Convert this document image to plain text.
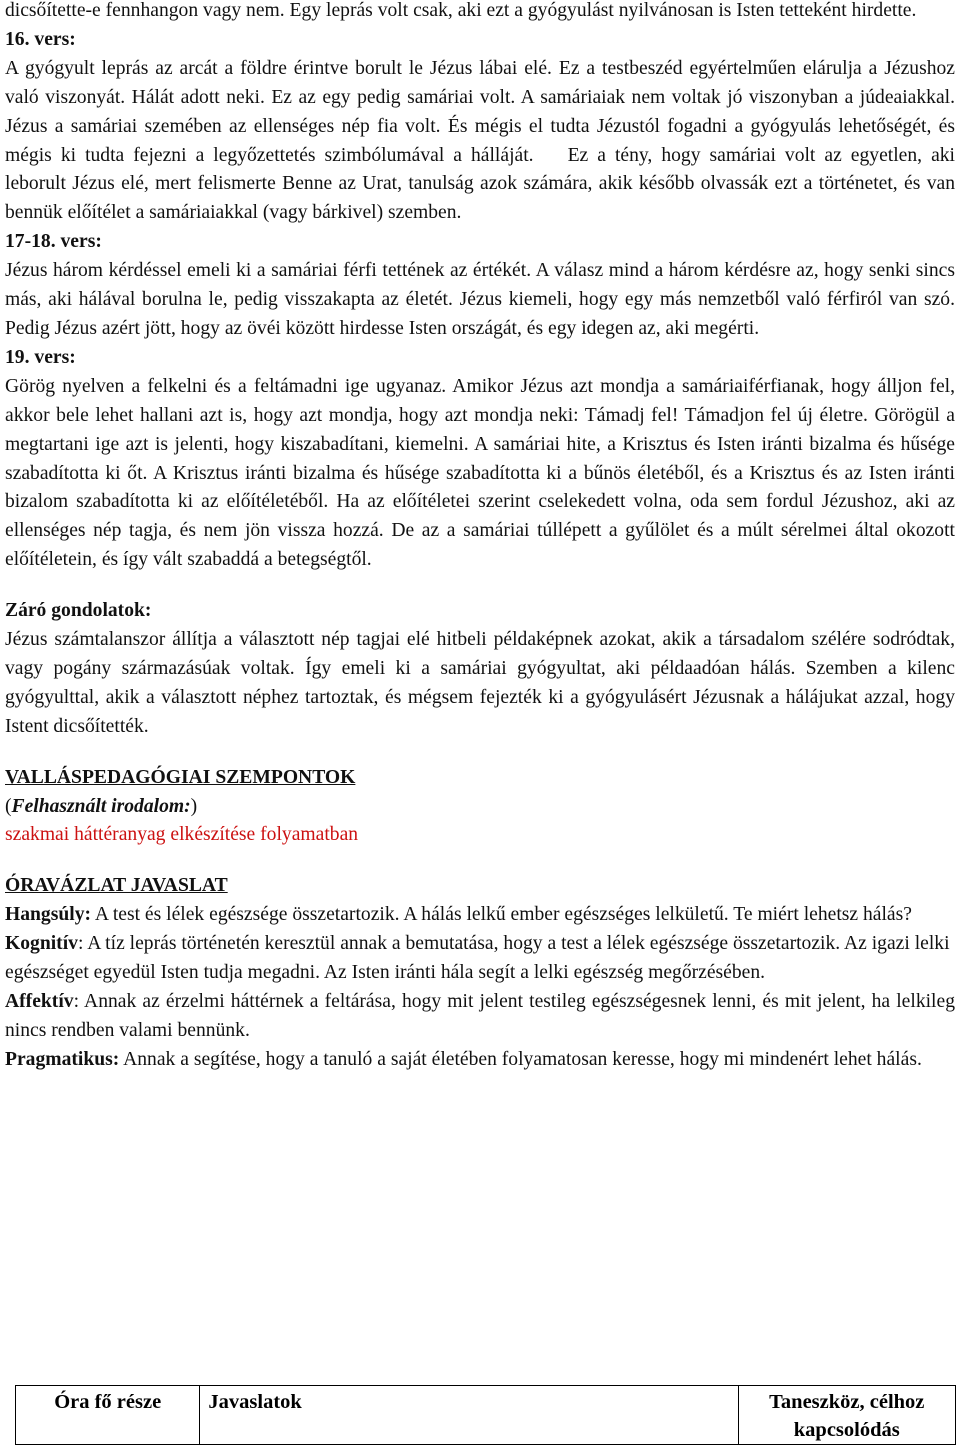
dicsőítette-e fennhangon vagy nem. Egy leprás volt csak, aki ezt a gyógyulást nyilvánosan is Isten tetteként hirdette.

16. vers:

A gyógyult leprás az arcát a földre érintve borult le Jézus lábai elé. Ez a testbeszéd egyértelműen elárulja a Jézushoz való viszonyát. Hálát adott neki. Ez az egy pedig samáriai volt. A samáriaiak nem voltak jó viszonyban a júdeaiakkal. Jézus a samáriai szemében az ellenséges nép fia volt. És mégis el tudta Jézustól fogadni a gyógyulás lehetőségét, és mégis ki tudta fejezni a legyőzettetés szimbólumával a hálláját. Ez a tény, hogy samáriai volt az egyetlen, aki leborult Jézus elé, mert felismerte Benne az Urat, tanulság azok számára, akik később olvassák ezt a történetet, és van bennük előítélet a samáriaiakkal (vagy bárkivel) szemben.

17-18. vers:

Jézus három kérdéssel emeli ki a samáriai férfi tettének az értékét. A válasz mind a három kérdésre az, hogy senki sincs más, aki hálával borulna le, pedig visszakapta az életét. Jézus kiemeli, hogy egy más nemzetből való férfiról van szó. Pedig Jézus azért jött, hogy az övéi között hirdesse Isten országát, és egy idegen az, aki megérti.

19. vers:

Görög nyelven a felkelni és a feltámadni ige ugyanaz. Amikor Jézus azt mondja a samáriaiférfianak, hogy álljon fel, akkor bele lehet hallani azt is, hogy azt mondja, hogy azt mondja neki: Támadj fel! Támadjon fel új életre. Görögül a megtartani ige azt is jelenti, hogy kiszabadítani, kiemelni. A samáriai hite, a Krisztus és Isten iránti bizalma és hűsége szabadította ki őt. A Krisztus iránti bizalma és hűsége szabadította ki a bűnös életéből, és a Krisztus és az Isten iránti bizalom szabadította ki az előítéletéből. Ha az előítéletei szerint cselekedett volna, oda sem fordul Jézushoz, aki az ellenséges nép tagja, és nem jön vissza hozzá. De az a samáriai túllépett a gyűlölet és a múlt sérelmei által okozott előítéletein, és így vált szabaddá a betegségtől.

Záró gondolatok:

Jézus számtalanszor állítja a választott nép tagjai elé hitbeli példaképnek azokat, akik a társadalom szélére sodródtak, vagy pogány származásúak voltak. Így emeli ki a samáriai gyógyultat, aki példaadóan hálás. Szemben a kilenc gyógyulttal, akik a választott néphez tartoztak, és mégsem fejezték ki a gyógyulásért Jézusnak a hálájukat azzal, hogy Istent dicsőítették.

VALLÁSPEDAGÓGIAI SZEMPONTOK

(Felhasznált irodalom:)

szakmai háttéranyag elkészítése folyamatban

ÓRAVÁZLAT JAVASLAT

Hangsúly: A test és lélek egészsége összetartozik. A hálás lelkű ember egészséges lelkületű. Te miért lehetsz hálás?

Kognitív: A tíz leprás történetén keresztül annak a bemutatása, hogy a test a lélek egészsége összetartozik. Az igazi lelki egészséget egyedül Isten tudja megadni. Az Isten iránti hála segít a lelki egészség megőrzésében.

Affektív: Annak az érzelmi háttérnek a feltárása, hogy mit jelent testileg egészségesnek lenni, és mit jelent, ha lelkileg nincs rendben valami bennünk.

Pragmatikus: Annak a segítése, hogy a tanuló a saját életében folyamatosan keresse, hogy mi mindenért lehet hálás.

Óra fő része	Javaslatok	Taneszköz, célhoz kapcsolódás
